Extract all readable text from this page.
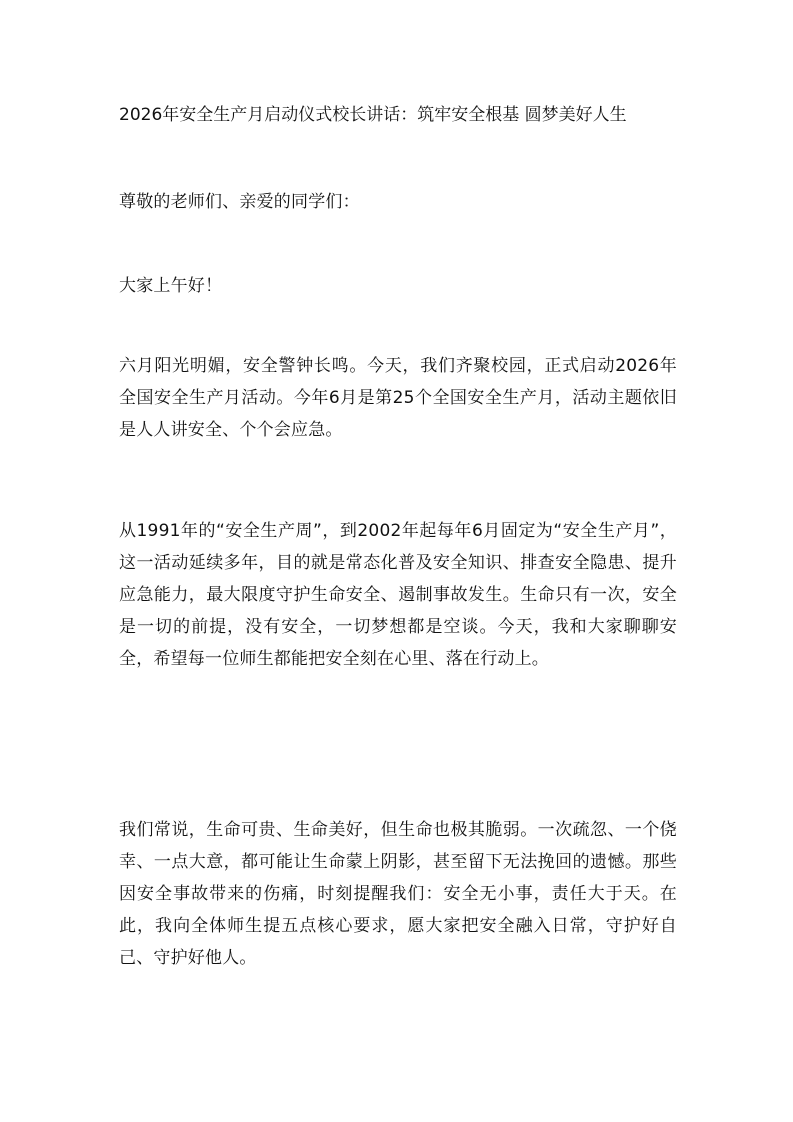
2026年安全生产月启动仪式校长讲话：筑牢安全根基 圆梦美好人生

尊敬的老师们、亲爱的同学们：

大家上午好！

六月阳光明媚，安全警钟长鸣。今天，我们齐聚校园，正式启动2026年全国安全生产月活动。今年6月是第25个全国安全生产月，活动主题依旧是人人讲安全、个个会应急。

从1991年的“安全生产周”，到2002年起每年6月固定为“安全生产月”，这一活动延续多年，目的就是常态化普及安全知识、排查安全隐患、提升应急能力，最大限度守护生命安全、遏制事故发生。生命只有一次，安全是一切的前提，没有安全，一切梦想都是空谈。今天，我和大家聊聊安全，希望每一位师生都能把安全刻在心里、落在行动上。

我们常说，生命可贵、生命美好，但生命也极其脆弱。一次疏忽、一个侥幸、一点大意，都可能让生命蒙上阴影，甚至留下无法挽回的遗憾。那些因安全事故带来的伤痛，时刻提醒我们：安全无小事，责任大于天。在此，我向全体师生提五点核心要求，愿大家把安全融入日常，守护好自己、守护好他人。
